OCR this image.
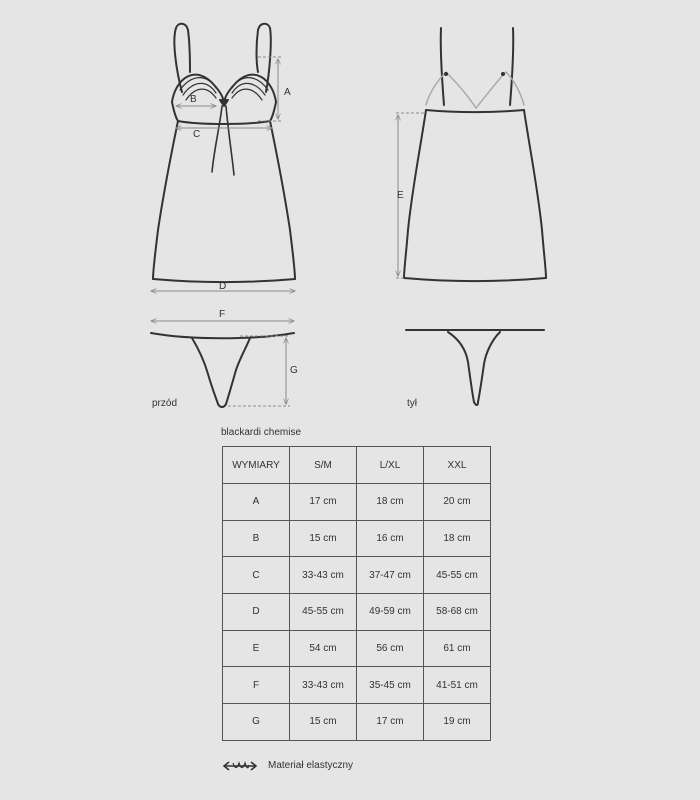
A
B
C
D
E
F
G
przód	tył
blackardi chemise
WYMIARY	S/M	L/XL	XXL
A	17 cm	18 cm	20 cm
B	15 cm	16 cm	18 cm
C	33-43 cm	37-47 cm	45-55 cm
D	45-55 cm	49-59 cm	58-68 cm
E	54 cm	56 cm	61 cm
F	33-43 cm	35-45 cm	41-51 cm
G	15 cm	17 cm	19 cm
Materiał elastyczny
